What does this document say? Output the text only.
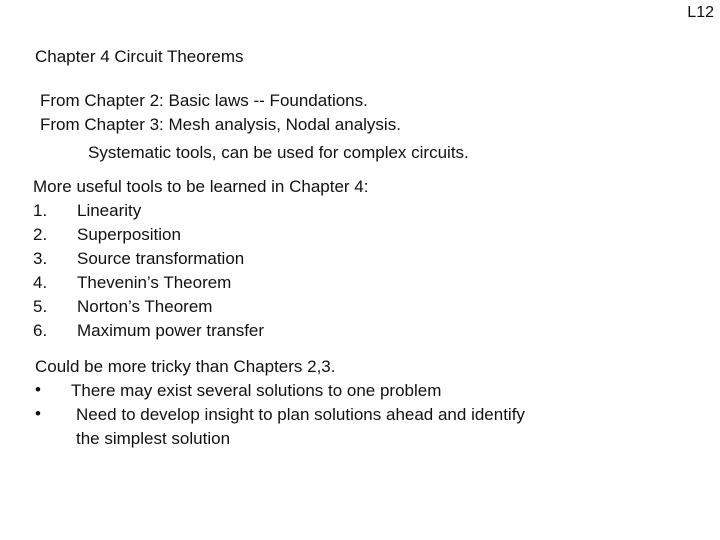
L12
Chapter 4 Circuit Theorems
From Chapter 2: Basic laws -- Foundations.
From Chapter 3: Mesh analysis, Nodal analysis.
Systematic tools, can be used for complex circuits.
More useful tools to be learned in Chapter 4:
1.	Linearity
2.	Superposition
3.	Source transformation
4.	Thevenin’s Theorem
5.	Norton’s Theorem
6.	Maximum power transfer
Could be more tricky than Chapters 2,3.
• There may exist several solutions to one problem
• Need to develop insight to plan solutions ahead and identify
the simplest solution
